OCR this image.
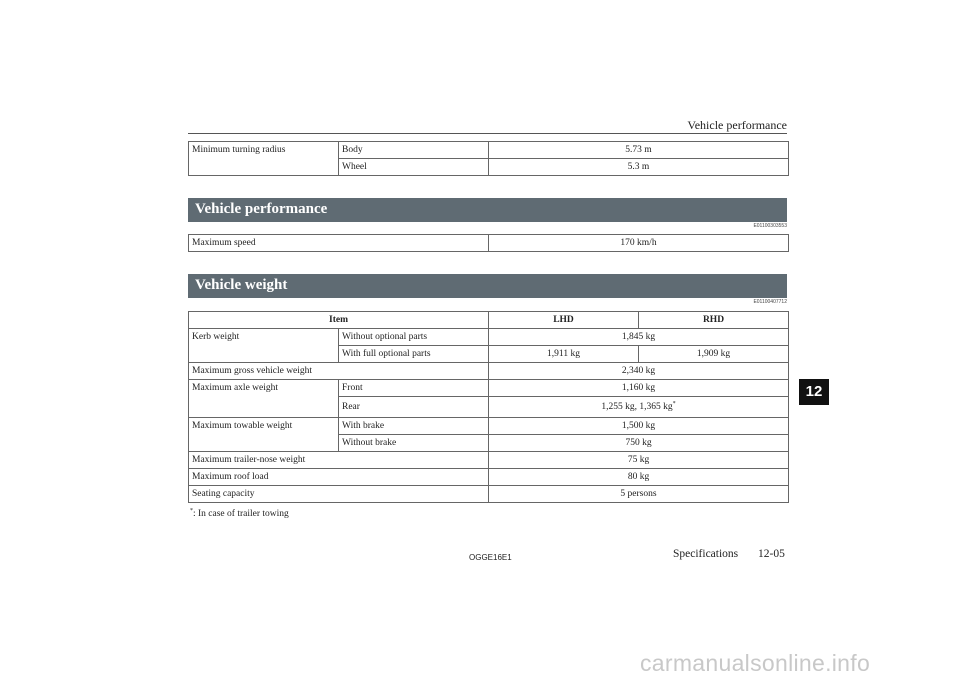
Vehicle performance
Minimum turning radius	Body	5.73 m
	Wheel	5.3 m
Vehicle performance
E01100303553
Maximum speed	170 km/h
Vehicle weight
E01100407712
Item		LHD	RHD
Kerb weight	Without optional parts	1,845 kg	
	With full optional parts	1,911 kg	1,909 kg
Maximum gross vehicle weight		2,340 kg	
Maximum axle weight	Front	1,160 kg	
	Rear	1,255 kg, 1,365 kg*
Maximum towable weight	With brake	1,500 kg	
	Without brake	750 kg	
Maximum trailer-nose weight		75 kg	
Maximum roof load		80 kg	
Seating capacity		5 persons	
*: In case of trailer towing
OGGE16E1	Specifications 12-05
12
carmanualsonline.info
